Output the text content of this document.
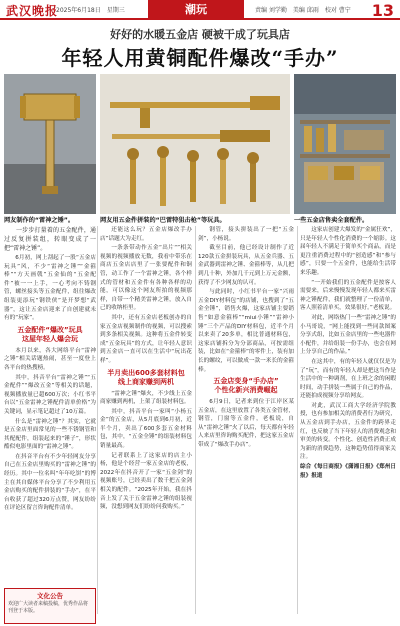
武汉晚报
2025年6月18日　星期三	潮玩	责编 刘学勤　美编 邱雨　校对 曹宁 13
好好的水暖五金店 硬被干成了玩具店
年轻人用黄铜配件爆改“手办”
网友制作的“雷神之锤”。	网友用五金件拼装的“巴雷特狙击枪”等玩具。	一些五金店售卖全套配件。

一步步打量着的五金配件，通过反复拼装组，转眼变成了一把“雷神之锤”。

6月初，网上刮起了一股“五金店玩具”风，不少“雷神之锤”“金箍棒”“方天画戟”五金仙的“五金配件”被一一上手，一心考向不铸钢管，螺丝接头等五金配件，组往爆改组装更添玩“钢铁侠”是开梦想“武器”，这让五金店迎来了自创建就未有的“玩家”。

五金配件“爆改”玩具
这屋年轻人爆会玩

本月以来，各大网络平台“雷神之锤”相关话题热闹，甚至一度登上各平台的热搜榜。

其中，抖音平台“雷神之锤”“五金配件”“爆改五金”等相关的话题，视频播放量已超600万次；小红书平台以“五金雷神之锤配件清单价格”为关键词，显示笔记超过了10万篇。

什么是“雷神之锤”？其实，它就是五金店里面常见的一些不锈钢管和其配配件，组装起来的“锤子”，形状酷似电影里面的“雷神之锤”。

在抖音平台有不少年轻网友分享自己在五金店里购买的“雷神之锤”的经历。其中一位名叫“年年吃饼”的博主在其自媒体平台分享了不少利用五金店购买的配件拼装的“手办”，在平台收获了超过320万点赞，网友纷纷在评论区留言咨询配件清单。

还能这么玩？五金店爆改手办店”话题大为走红。

一条条带动作五金“出片“”相关视频的视频播放无数，我看中带乐在商店五金店店里了一张要配件和铜管，动工作了一个雷神之锤，各个样式的管材和五金件有各种各样的功能，可以像这个网友所拍的视频那样，自带一个精美雷神之锤，放入自己的收纳柜里。

其中，还有五金店老板创办的自家五金店视频制作的视频，可以搜索到多条相关视频。这种将五金件转变成“五金玩具”的方式，让年轻人意识到五金店一直可以在生活中“玩出花样”。

半月卖出600多套材料包
线上商家赚到两机

“雷神之锤”爆火，不少线上五金商家赚到两机，上架了组装材料包。

其中，抖音平台一家叫“小杨五金”的五金店，从5月底到6月初，近半个月，卖出了600多套五金材料包，其中，“五金全锤”的组装材料包销量最高。

记者联系上了这家店的店主小杨，他是个经营一家五金店的老板，2022年在抖音开了一家“五金剑”的视频账号，已经卖出了数千把五金剑相关的配件。“2025年开始，我在抖音上发了关于五金雷神之锤的组装视频，没想到网友们纷纷问我购买。”

钢管，接头拼装出了一把“五金剑”，小杨说。

截至目前，他已经设计制作了近120款五金拼装玩具，从五金兵器、五金武器到雷神之锤、金箍棒等，从几把到几十种，外加几千元到上万元金额，获得了不少网友的认可。

与此同时，小红书平台一家“兴雨五金DIY材料包”的店铺，也搜到了“五金全锤”，销售火爆，这家店铺主要销售“如意金箍棒”“miui小锤”“雷神小锤”三个产品的DIY材料包，近半个月以来卖了20多单，相比普通材料包，这家店铺拆分为分部商品，可按需组装，比如在“金箍棒”的零件上，装有加长的螺纹，可以做成一款一米长的金箍棒。

五金店变身“手办店”
个性化新兴消费崛起

6月9日，记者来到位于江岸区某五金店，在这里放置了各类五金管材，钢管，门窗等五金件，老板说，自从“雷神之锤”火了以后，每天都有年轻人来店里咨询购买配件，把这家五金店带成了“爆改手办店”。

这家店创建大爆发的“金属狂欢”，只是年轻人个性化消费的一个缩影。这届年轻人不满足于简单买个商品，而是更注重消费过程中的“创造感”和“参与感”，只要一个五金件，也能给生活带来乐趣。

“一开始我们的五金配件是按客人需要来，后来慢慢发现年轻人都来买雷神之锤配件，我们就整理了一份清单，客人照着清单买，效果很好。”老板说。

对此，网络热门一些“雷神之锤”的小马哥说，“网上能找到一些同款图案分享式组，比如五金店里的一些电器件小配件，并给组装一份手办，也会在网上分享自己的作品。”

在这其中，有的年轻人就仅仅是为了“玩”，而有的年轻人却是把这当作是生活中的一种调剂，在上班之余的闲暇时间，动手拼装一些属于自己的作品，还能拍成视频分享给网友。

对此，武汉工商大学经济学院教授，也有参加相关的消费者行为研究，从五金店到手办店，五金件的跨界走红，也反映了当下年轻人的消费观念和审美的转变。个性化、创造性消费正成为新的消费趋势，这种趋势值得商家关注。

综合《每日商报》《潇湘日报》《郑州日报》报道

文化公告
欢迎广大读者来稿投稿，优秀作品将刊登于本版。
